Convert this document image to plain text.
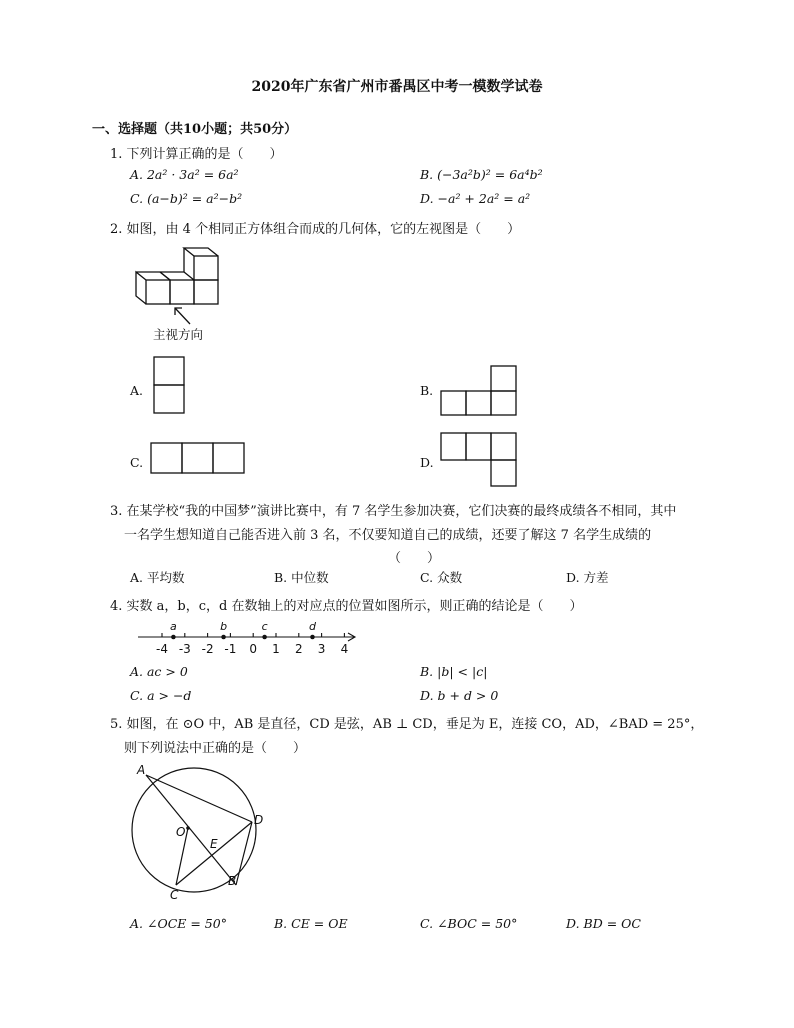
2020年广东省广州市番禺区中考一模数学试卷
一、选择题（共10小题；共50分）
1. 下列计算正确的是（　　）
A. 2a² · 3a² = 6a²	B. (−3a²b)² = 6a⁴b²
C. (a−b)² = a²−b²	D. −a² + 2a² = a²
2. 如图，由 4 个相同正方体组合而成的几何体，它的左视图是（　　）
主视方向
A.	B.
C.	D.
3. 在某学校“我的中国梦”演讲比赛中，有 7 名学生参加决赛，它们决赛的最终成绩各不相同，其中
一名学生想知道自己能否进入前 3 名，不仅要知道自己的成绩，还要了解这 7 名学生成绩的
（　　）
A. 平均数	B. 中位数	C. 众数	D. 方差
4. 实数 a，b，c，d 在数轴上的对应点的位置如图所示，则正确的结论是（　　）
-4 -3 -2 -1 0 1 2 3 4
a	b	c	d
A. ac > 0	B. |b| < |c|
C. a > −d	D. b + d > 0
5. 如图，在 ⊙O 中，AB 是直径，CD 是弦，AB ⊥ CD，垂足为 E，连接 CO，AD，∠BAD = 25°，
则下列说法中正确的是（　　）
A
O
D
E
B
C
A. ∠OCE = 50°	B. CE = OE	C. ∠BOC = 50°	D. BD = OC
